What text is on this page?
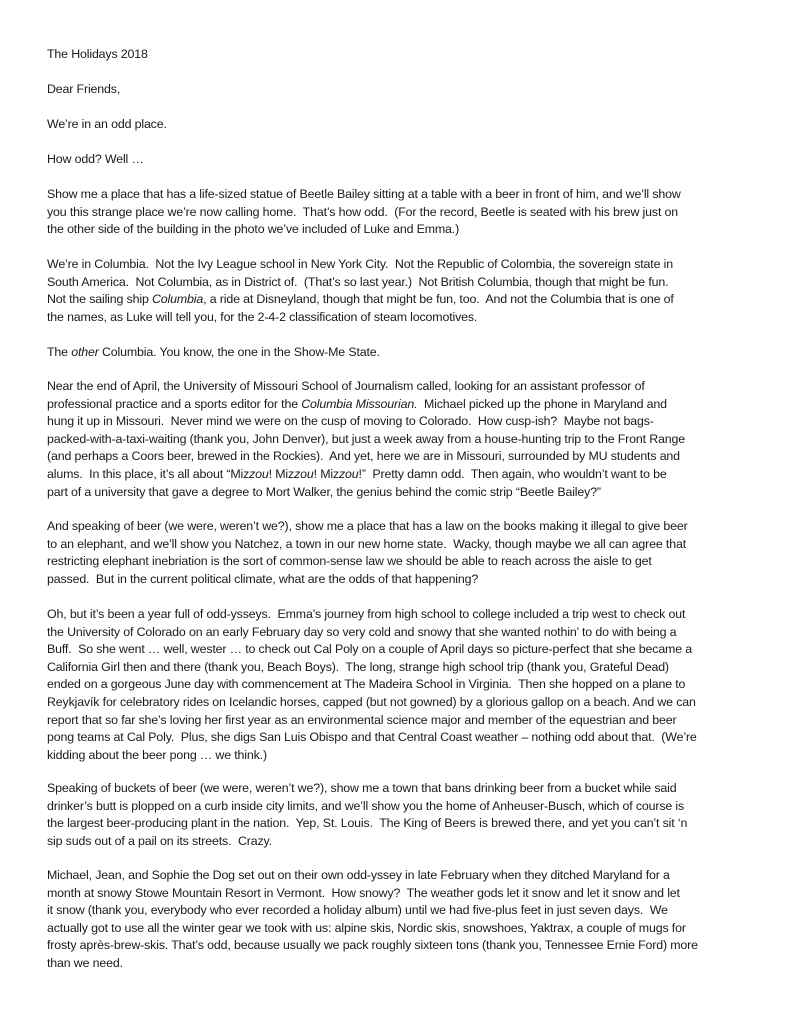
The Holidays 2018

Dear Friends,

We’re in an odd place.

How odd? Well …

Show me a place that has a life-sized statue of Beetle Bailey sitting at a table with a beer in front of him, and we’ll show
you this strange place we’re now calling home.  That’s how odd.  (For the record, Beetle is seated with his brew just on
the other side of the building in the photo we’ve included of Luke and Emma.)

We’re in Columbia.  Not the Ivy League school in New York City.  Not the Republic of Colombia, the sovereign state in
South America.  Not Columbia, as in District of.  (That’s so last year.)  Not British Columbia, though that might be fun.
Not the sailing ship Columbia, a ride at Disneyland, though that might be fun, too.  And not the Columbia that is one of
the names, as Luke will tell you, for the 2-4-2 classification of steam locomotives.

The other Columbia. You know, the one in the Show-Me State.

Near the end of April, the University of Missouri School of Journalism called, looking for an assistant professor of
professional practice and a sports editor for the Columbia Missourian.  Michael picked up the phone in Maryland and
hung it up in Missouri.  Never mind we were on the cusp of moving to Colorado.  How cusp-ish?  Maybe not bags-
packed-with-a-taxi-waiting (thank you, John Denver), but just a week away from a house-hunting trip to the Front Range
(and perhaps a Coors beer, brewed in the Rockies).  And yet, here we are in Missouri, surrounded by MU students and
alums.  In this place, it’s all about “Mizzou! Mizzou! Mizzou!”  Pretty damn odd.  Then again, who wouldn’t want to be
part of a university that gave a degree to Mort Walker, the genius behind the comic strip “Beetle Bailey?”

And speaking of beer (we were, weren’t we?), show me a place that has a law on the books making it illegal to give beer
to an elephant, and we’ll show you Natchez, a town in our new home state.  Wacky, though maybe we all can agree that
restricting elephant inebriation is the sort of common-sense law we should be able to reach across the aisle to get
passed.  But in the current political climate, what are the odds of that happening?

Oh, but it’s been a year full of odd-ysseys.  Emma’s journey from high school to college included a trip west to check out
the University of Colorado on an early February day so very cold and snowy that she wanted nothin’ to do with being a
Buff.  So she went … well, wester … to check out Cal Poly on a couple of April days so picture-perfect that she became a
California Girl then and there (thank you, Beach Boys).  The long, strange high school trip (thank you, Grateful Dead)
ended on a gorgeous June day with commencement at The Madeira School in Virginia.  Then she hopped on a plane to
Reykjavík for celebratory rides on Icelandic horses, capped (but not gowned) by a glorious gallop on a beach. And we can
report that so far she’s loving her first year as an environmental science major and member of the equestrian and beer
pong teams at Cal Poly.  Plus, she digs San Luis Obispo and that Central Coast weather – nothing odd about that.  (We’re
kidding about the beer pong … we think.)

Speaking of buckets of beer (we were, weren’t we?), show me a town that bans drinking beer from a bucket while said
drinker’s butt is plopped on a curb inside city limits, and we’ll show you the home of Anheuser-Busch, which of course is
the largest beer-producing plant in the nation.  Yep, St. Louis.  The King of Beers is brewed there, and yet you can’t sit ‘n
sip suds out of a pail on its streets.  Crazy.

Michael, Jean, and Sophie the Dog set out on their own odd-yssey in late February when they ditched Maryland for a
month at snowy Stowe Mountain Resort in Vermont.  How snowy?  The weather gods let it snow and let it snow and let
it snow (thank you, everybody who ever recorded a holiday album) until we had five-plus feet in just seven days.  We
actually got to use all the winter gear we took with us: alpine skis, Nordic skis, snowshoes, Yaktrax, a couple of mugs for
frosty après-brew-skis. That’s odd, because usually we pack roughly sixteen tons (thank you, Tennessee Ernie Ford) more
than we need.
